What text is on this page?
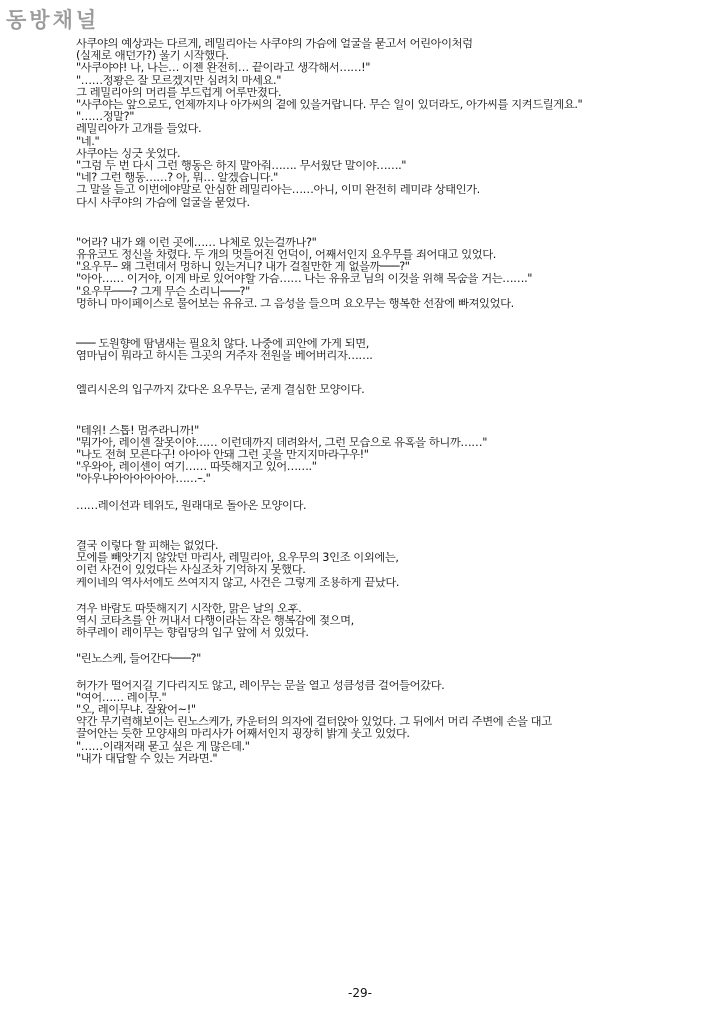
동방채널
사쿠야의 예상과는 다르게, 레밀리아는 사쿠야의 가슴에 얼굴을 묻고서 어린아이처럼
(실제로 애던가?) 울기 시작했다.
"사쿠야야! 나, 나는… 이젠 완전히… 끝이라고 생각해서……!"
"……정황은 잘 모르겠지만 심려치 마세요."
그 레밀리아의 머리를 부드럽게 어루만졌다.
"사쿠야는 앞으로도, 언제까지나 아가씨의 곁에 있을거랍니다. 무슨 일이 있더라도, 아가씨를 지켜드릴게요."
"……정말?"
레밀리아가 고개를 들었다.
"네."
사쿠야는 싱긋 웃었다.
"그럼 두 번 다시 그런 행동은 하지 말아줘……. 무서웠단 말이야……."
"네? 그런 행동……? 아, 뭐… 알겠습니다."
그 말을 듣고 이번에야말로 안심한 레밀리아는……아니, 이미 완전히 레미랴 상태인가.
다시 사쿠야의 가슴에 얼굴을 묻었다.
"어라? 내가 왜 이런 곳에…… 나체로 있는걸까나?"
유유코도 정신을 차렸다. 두 개의 멋들어진 언덕이, 어째서인지 요우무를 죄어대고 있었다.
"요우무– 왜 그런데서 멍하니 있는거니? 내가 걸칠만한 게 없을까───?"
"아아…… 이거야, 이게 바로 있어야할 가슴…… 나는 유유코 님의 이것을 위해 목숨을 거는……."
"요우무───? 그게 무슨 소리니───?"
멍하니 마이페이스로 물어보는 유유코. 그 음성을 들으며 요오무는 행복한 선잠에 빠져있었다.
─── 도원향에 땀냄새는 필요치 않다. 나중에 피안에 가게 되면,
염마님이 뭐라고 하시든 그곳의 거주자 전원을 베어버리자…….
엘리시온의 입구까지 갔다온 요우무는, 굳게 결심한 모양이다.
"테위! 스톱! 멈추라니까!"
"뭐가아, 레이센 잘못이야…… 이런데까지 데려와서, 그런 모습으로 유혹을 하니까……"
"나도 전혀 모른다구! 아아아 안돼 그런 곳을 만지지마라구우!"
"우와아, 레이센이 여기…… 따뜻해지고 있어……."
"아우냐아아아아아아……–."
……레이선과 테위도, 원래대로 돌아온 모양이다.
결국 이렇다 할 피해는 없었다.
모에를 빼앗기지 않았던 마리사, 레밀리아, 요우무의 3인조 이외에는,
이런 사건이 있었다는 사실조차 기억하지 못했다.
케이네의 역사서에도 쓰여지지 않고, 사건은 그렇게 조용하게 끝났다.
겨우 바람도 따뜻해지기 시작한, 맑은 날의 오후.
역시 코타츠를 안 꺼내서 다행이라는 작은 행복감에 젖으며,
하쿠레이 레이무는 향림당의 입구 앞에 서 있었다.
"린노스케, 들어간다───?"
허가가 떨어지길 기다리지도 않고, 레이무는 문을 열고 성큼성큼 걸어들어갔다.
"여어…… 레이무."
"오, 레이무냐. 잘왔어~!"
약간 무기력해보이는 린노스케가, 카운터의 의자에 걸터앉아 있었다. 그 뒤에서 머리 주변에 손을 대고
끌어안는 듯한 모양새의 마리사가 어째서인지 굉장히 밝게 웃고 있었다.
"……이래저래 묻고 싶은 게 많은데."
"내가 대답할 수 있는 거라면."
-29-
